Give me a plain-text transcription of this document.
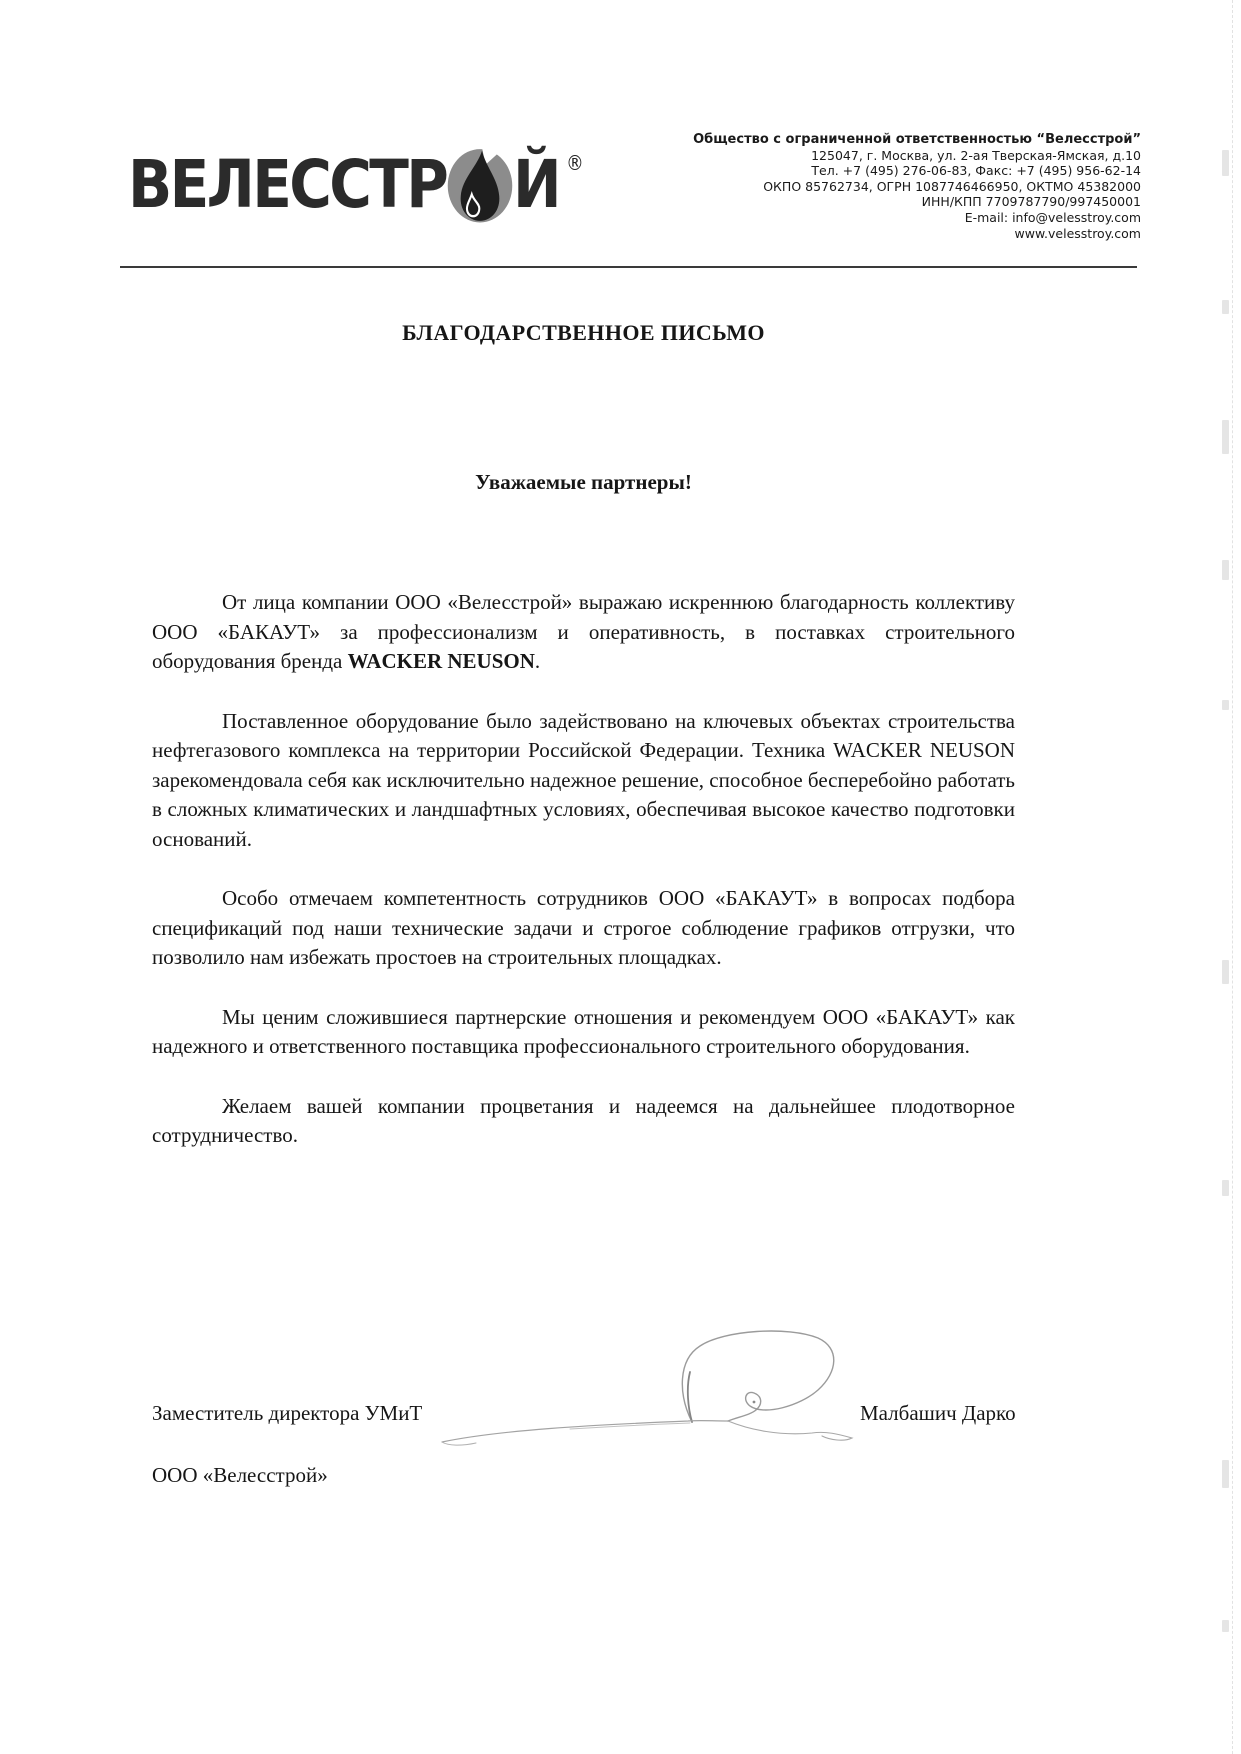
ВЕЛЕССТР Й ®
Общество с ограниченной ответственностью “Велесстрой”
125047, г. Москва, ул. 2-ая Тверская-Ямская, д.10
Тел. +7 (495) 276-06-83, Факс: +7 (495) 956-62-14
ОКПО 85762734, ОГРН 1087746466950, ОКТМО 45382000
ИНН/КПП 7709787790/997450001
E-mail: info@velesstroy.com
www.velesstroy.com
БЛАГОДАРСТВЕННОЕ ПИСЬМО
Уважаемые партнеры!

От лица компании ООО «Велесстрой» выражаю искреннюю благодарность коллективу ООО «БАКАУТ» за профессионализм и оперативность, в поставках строительного оборудования бренда WACKER NEUSON.

Поставленное оборудование было задействовано на ключевых объектах строительства нефтегазового комплекса на территории Российской Федерации. Техника WACKER NEUSON зарекомендовала себя как исключительно надежное решение, способное бесперебойно работать в сложных климатических и ландшафтных условиях, обеспечивая высокое качество подготовки оснований.

Особо отмечаем компетентность сотрудников ООО «БАКАУТ» в вопросах подбора спецификаций под наши технические задачи и строгое соблюдение графиков отгрузки, что позволило нам избежать простоев на строительных площадках.

Мы ценим сложившиеся партнерские отношения и рекомендуем ООО «БАКАУТ» как надежного и ответственного поставщика профессионального строительного оборудования.

Желаем вашей компании процветания и надеемся на дальнейшее плодотворное сотрудничество.

Заместитель директора УМиТ
ООО «Велесстрой»
Малбашич Дарко
